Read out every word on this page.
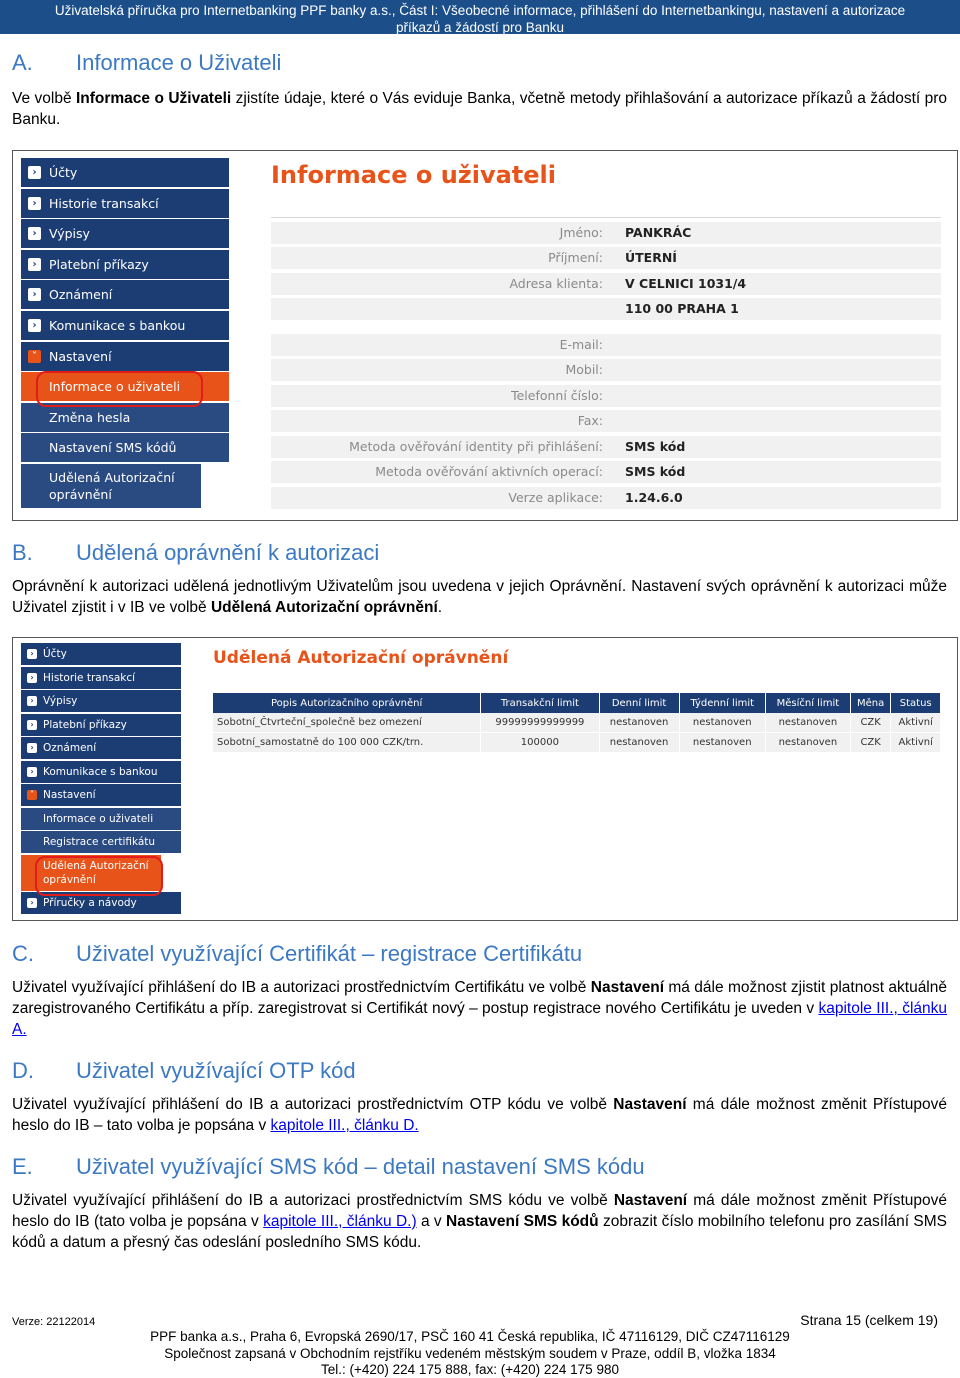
Uživatelská příručka pro Internetbanking PPF banky a.s., Část I: Všeobecné informace, přihlášení do Internetbankingu, nastavení a autorizace
příkazů a žádostí pro Banku
A. Informace o Uživateli
Ve volbě Informace o Uživateli zjistíte údaje, které o Vás eviduje Banka, včetně metody přihlašování a autorizace příkazů a žádostí pro Banku.
› Účty
› Historie transakcí
› Výpisy
› Platební příkazy
› Oznámení
› Komunikace s bankou
˅ Nastavení
Informace o uživateli
Změna hesla
Nastavení SMS kódů
Udělená Autorizační oprávnění
Informace o uživateli
Jméno: PANKRÁC
Příjmení: ÚTERNÍ
Adresa klienta: V CELNICI 1031/4
110 00 PRAHA 1
E-mail:
Mobil:
Telefonní číslo:
Fax:
Metoda ověřování identity při přihlášení: SMS kód
Metoda ověřování aktivních operací: SMS kód
Verze aplikace: 1.24.6.0
B. Udělená oprávnění k autorizaci
Oprávnění k autorizaci udělená jednotlivým Uživatelům jsou uvedena v jejich Oprávnění. Nastavení svých oprávnění k autorizaci může Uživatel zjistit i v IB ve volbě Udělená Autorizační oprávnění.
› Účty
› Historie transakcí
› Výpisy
› Platební příkazy
› Oznámení
› Komunikace s bankou
˅ Nastavení
Informace o uživateli
Registrace certifikátu
Udělená Autorizační oprávnění
› Příručky a návody
Udělená Autorizační oprávnění
Popis Autorizačního oprávnění	Transakční limit	Denní limit	Týdenní limit	Měsíční limit	Měna	Status
Sobotní_Čtvrteční_společně bez omezení	99999999999999	nestanoven	nestanoven	nestanoven	CZK	Aktivní
Sobotní_samostatně do 100 000 CZK/trn.	100000	nestanoven	nestanoven	nestanoven	CZK	Aktivní
C. Uživatel využívající Certifikát – registrace Certifikátu
Uživatel využívající přihlášení do IB a autorizaci prostřednictvím Certifikátu ve volbě Nastavení má dále možnost zjistit platnost aktuálně zaregistrovaného Certifikátu a příp. zaregistrovat si Certifikát nový – postup registrace nového Certifikátu je uveden v kapitole III., článku A.
D. Uživatel využívající OTP kód
Uživatel využívající přihlášení do IB a autorizaci prostřednictvím OTP kódu ve volbě Nastavení má dále možnost změnit Přístupové heslo do IB – tato volba je popsána v kapitole III., článku D.
E. Uživatel využívající SMS kód – detail nastavení SMS kódu
Uživatel využívající přihlášení do IB a autorizaci prostřednictvím SMS kódu ve volbě Nastavení má dále možnost změnit Přístupové heslo do IB (tato volba je popsána v kapitole III., článku D.) a v Nastavení SMS kódů zobrazit číslo mobilního telefonu pro zasílání SMS kódů a datum a přesný čas odeslání posledního SMS kódu.
Verze: 22122014	Strana 15 (celkem 19)
PPF banka a.s., Praha 6, Evropská 2690/17, PSČ 160 41 Česká republika, IČ 47116129, DIČ CZ47116129
Společnost zapsaná v Obchodním rejstříku vedeném městským soudem v Praze, oddíl B, vložka 1834
Tel.: (+420) 224 175 888, fax: (+420) 224 175 980
